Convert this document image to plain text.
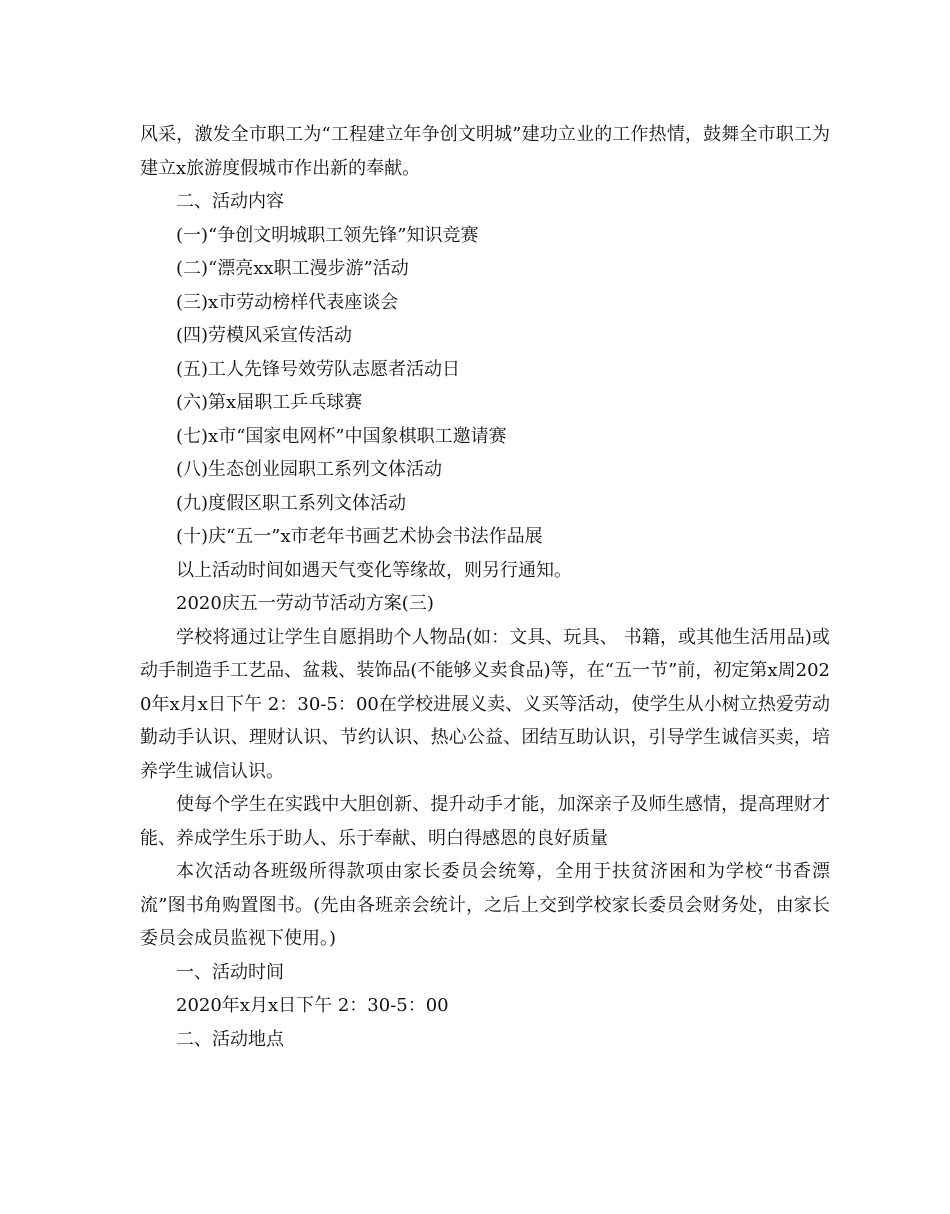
风采，激发全市职工为“工程建立年争创文明城”建功立业的工作热情，鼓舞全市职工为建立x旅游度假城市作出新的奉献。

二、活动内容

(一)“争创文明城职工领先锋”知识竞赛

(二)“漂亮xx职工漫步游”活动

(三)x市劳动榜样代表座谈会

(四)劳模风采宣传活动

(五)工人先锋号效劳队志愿者活动日

(六)第x届职工乒乓球赛

(七)x市“国家电网杯”中国象棋职工邀请赛

(八)生态创业园职工系列文体活动

(九)度假区职工系列文体活动

(十)庆“五一”x市老年书画艺术协会书法作品展

以上活动时间如遇天气变化等缘故，则另行通知。

2020庆五一劳动节活动方案(三)

学校将通过让学生自愿捐助个人物品(如：文具、玩具、 书籍，或其他生活用品)或动手制造手工艺品、盆栽、装饰品(不能够义卖食品)等，在“五一节”前，初定第x周2020年x月x日下午 2：30-5：00在学校进展义卖、义买等活动，使学生从小树立热爱劳动勤动手认识、理财认识、节约认识、热心公益、团结互助认识，引导学生诚信买卖，培 养学生诚信认识。

使每个学生在实践中大胆创新、提升动手才能，加深亲子及师生感情，提高理财才能、养成学生乐于助人、乐于奉献、明白得感恩的良好质量

本次活动各班级所得款项由家长委员会统筹，全用于扶贫济困和为学校“书香漂流”图书角购置图书。(先由各班亲会统计，之后上交到学校家长委员会财务处，由家长委员会成员监视下使用。)

一、活动时间

2020年x月x日下午 2：30-5：00

二、活动地点
